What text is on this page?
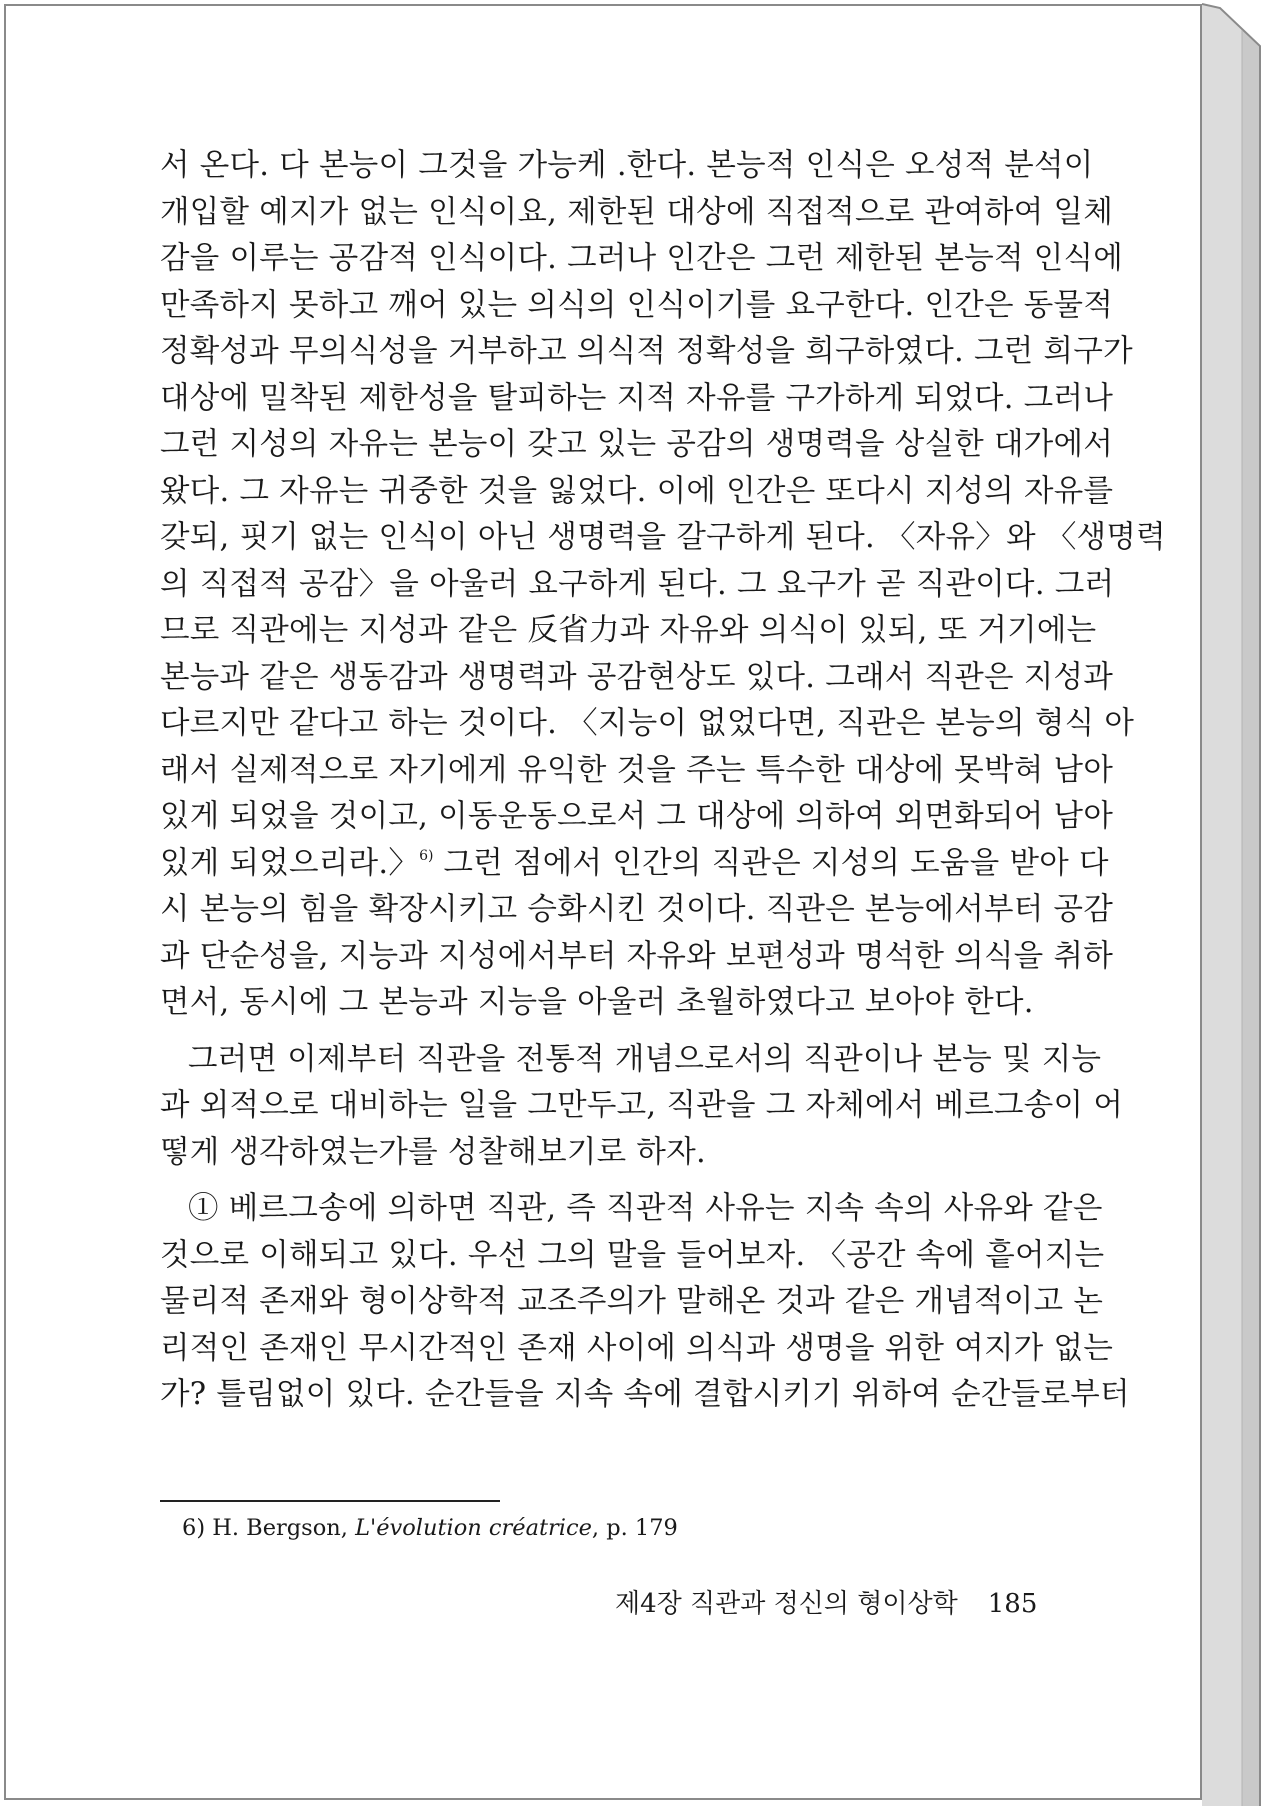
서 온다. 다 본능이 그것을 가능케 .한다. 본능적 인식은 오성적 분석이
개입할 예지가 없는 인식이요, 제한된 대상에 직접적으로 관여하여 일체
감을 이루는 공감적 인식이다. 그러나 인간은 그런 제한된 본능적 인식에
만족하지 못하고 깨어 있는 의식의 인식이기를 요구한다. 인간은 동물적
정확성과 무의식성을 거부하고 의식적 정확성을 희구하였다. 그런 희구가
대상에 밀착된 제한성을 탈피하는 지적 자유를 구가하게 되었다. 그러나
그런 지성의 자유는 본능이 갖고 있는 공감의 생명력을 상실한 대가에서
왔다. 그 자유는 귀중한 것을 잃었다. 이에 인간은 또다시 지성의 자유를
갖되, 핏기 없는 인식이 아닌 생명력을 갈구하게 된다. 〈자유〉와 〈생명력
의 직접적 공감〉을 아울러 요구하게 된다. 그 요구가 곧 직관이다. 그러
므로 직관에는 지성과 같은 反省力과 자유와 의식이 있되, 또 거기에는
본능과 같은 생동감과 생명력과 공감현상도 있다. 그래서 직관은 지성과
다르지만 같다고 하는 것이다. 〈지능이 없었다면, 직관은 본능의 형식 아
래서 실제적으로 자기에게 유익한 것을 주는 특수한 대상에 못박혀 남아
있게 되었을 것이고, 이동운동으로서 그 대상에 의하여 외면화되어 남아
있게 되었으리라.〉$^{6)}$ 그런 점에서 인간의 직관은 지성의 도움을 받아 다
시 본능의 힘을 확장시키고 승화시킨 것이다. 직관은 본능에서부터 공감
과 단순성을, 지능과 지성에서부터 자유와 보편성과 명석한 의식을 취하
면서, 동시에 그 본능과 지능을 아울러 초월하였다고 보아야 한다.
그러면 이제부터 직관을 전통적 개념으로서의 직관이나 본능 및 지능
과 외적으로 대비하는 일을 그만두고, 직관을 그 자체에서 베르그송이 어
떻게 생각하였는가를 성찰해보기로 하자.
① 베르그송에 의하면 직관, 즉 직관적 사유는 지속 속의 사유와 같은
것으로 이해되고 있다. 우선 그의 말을 들어보자. 〈공간 속에 흩어지는
물리적 존재와 형이상학적 교조주의가 말해온 것과 같은 개념적이고 논
리적인 존재인 무시간적인 존재 사이에 의식과 생명을 위한 여지가 없는
가? 틀림없이 있다. 순간들을 지속 속에 결합시키기 위하여 순간들로부터
6) H. Bergson, L'évolution créatrice, p. 179
제4장 직관과 정신의 형이상학 185
